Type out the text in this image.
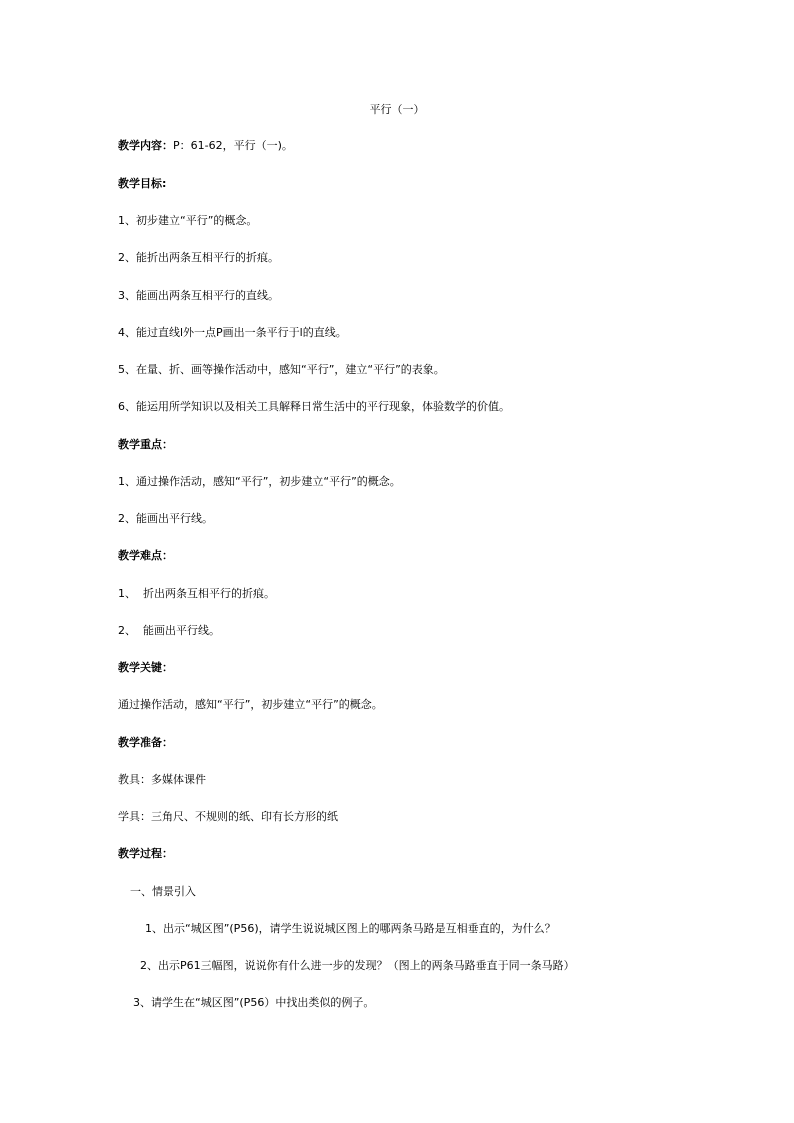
平行（一）
教学内容：P：61-62，平行（一)。
教学目标:
1、初步建立“平行”的概念。
2、能折出两条互相平行的折痕。
3、能画出两条互相平行的直线。
4、能过直线l外一点P画出一条平行于l的直线。
5、在量、折、画等操作活动中，感知“平行”，建立“平行”的表象。
6、能运用所学知识以及相关工具解释日常生活中的平行现象，体验数学的价值。
教学重点：
1、通过操作活动，感知“平行”，初步建立“平行”的概念。
2、能画出平行线。
教学难点：
1、  折出两条互相平行的折痕。
2、  能画出平行线。
教学关键：
通过操作活动，感知“平行”，初步建立“平行”的概念。
教学准备：
教具：多媒体课件
学具：三角尺、不规则的纸、印有长方形的纸
教学过程：
一、情景引入
1、出示“城区图”(P56)，请学生说说城区图上的哪两条马路是互相垂直的，为什么？
2、出示P61三幅图，说说你有什么进一步的发现？（图上的两条马路垂直于同一条马路）
3、请学生在“城区图”(P56）中找出类似的例子。
